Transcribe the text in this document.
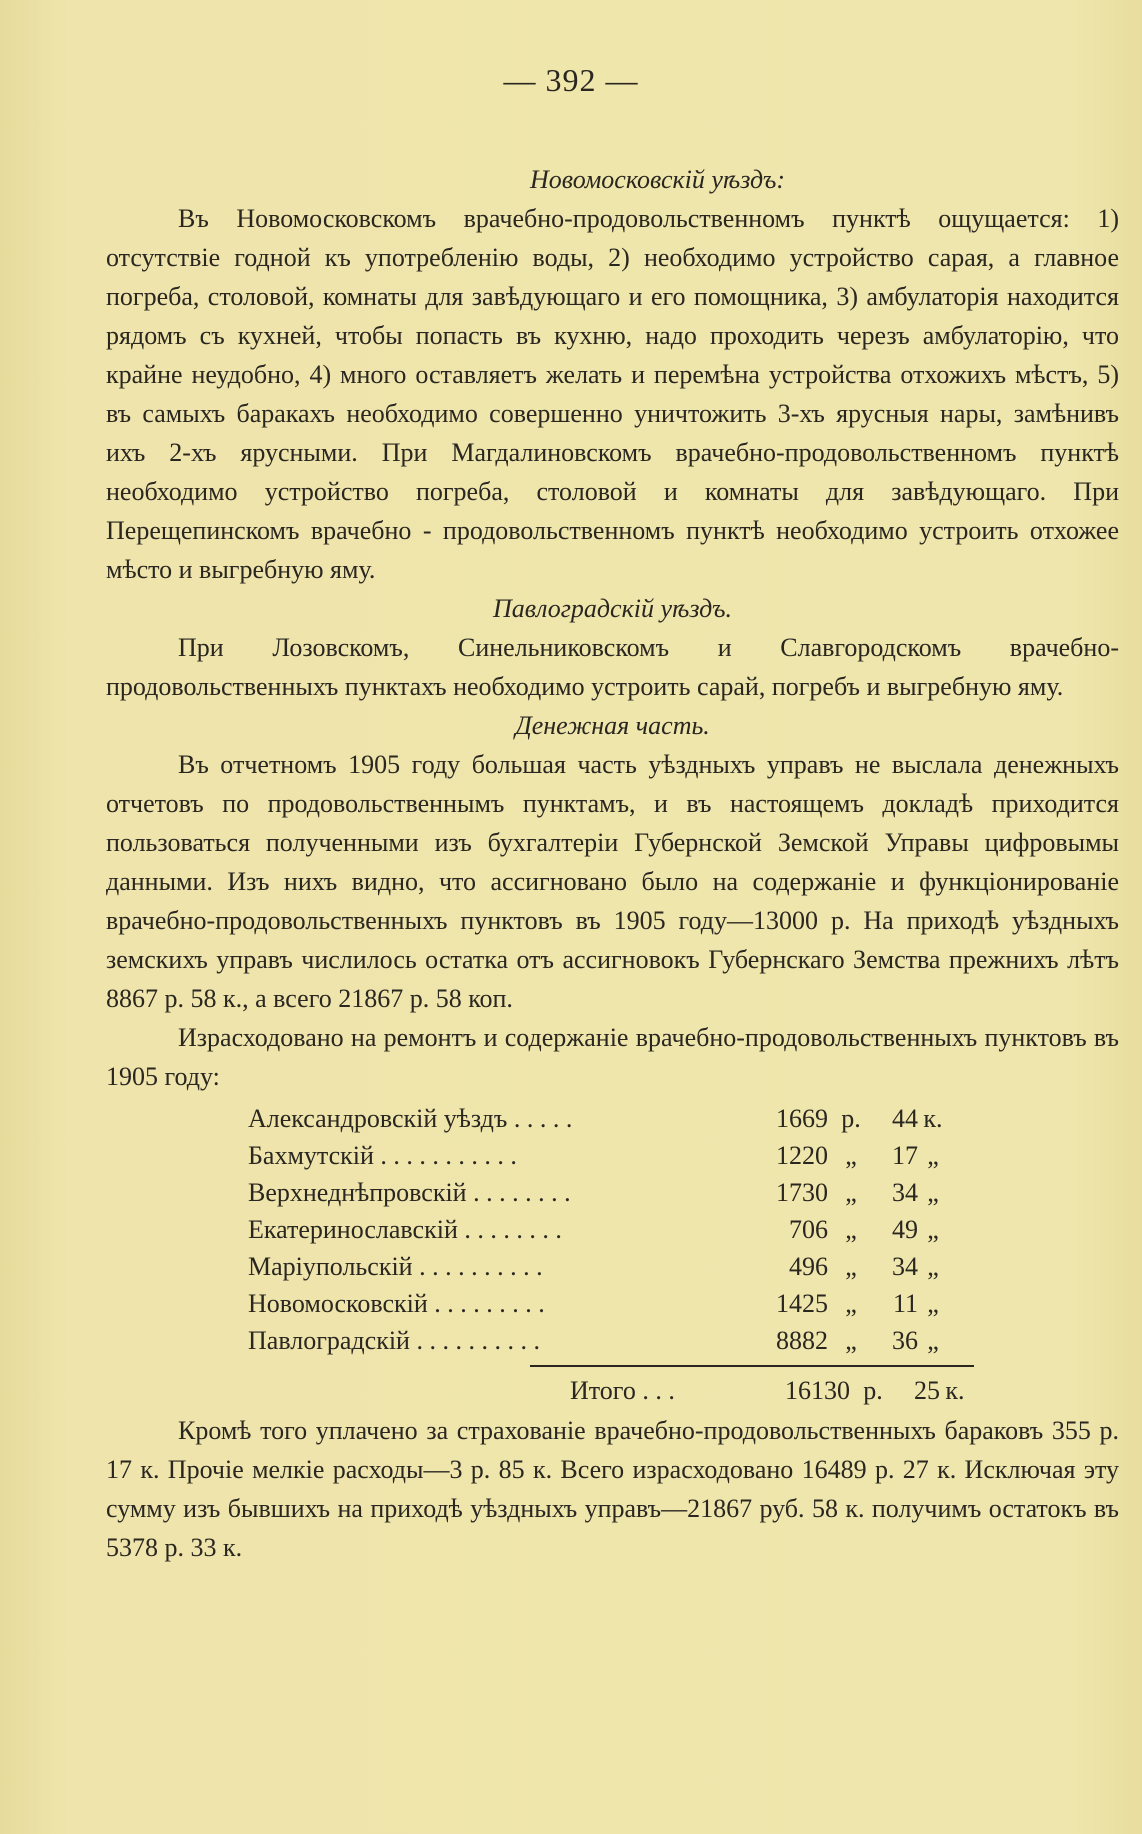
— 392 —

Новомосковскій уѣздъ:

Въ Новомосковскомъ врачебно-продовольственномъ пунктѣ ощущается: 1) отсутствіе годной къ употребленію воды, 2) необходимо устройство сарая, а главное погреба, столовой, комнаты для завѣдующаго и его помощника, 3) амбулаторія находится рядомъ съ кухней, чтобы попасть въ кухню, надо проходить черезъ амбулаторію, что крайне неудобно, 4) много оставляетъ желать и перемѣна устройства отхожихъ мѣстъ, 5) въ самыхъ баракахъ необходимо совершенно уничтожить 3-хъ ярусныя нары, замѣнивъ ихъ 2-хъ ярусными. При Магдалиновскомъ врачебно-продовольственномъ пунктѣ необходимо устройство погреба, столовой и комнаты для завѣдующаго. При Перещепинскомъ врачебно - продовольственномъ пунктѣ необходимо устроить отхожее мѣсто и выгребную яму.

Павлоградскій уѣздъ.

При Лозовскомъ, Синельниковскомъ и Славгородскомъ врачебно-продовольственныхъ пунктахъ необходимо устроить сарай, погребъ и выгребную яму.

Денежная часть.

Въ отчетномъ 1905 году большая часть уѣздныхъ управъ не выслала денежныхъ отчетовъ по продовольственнымъ пунктамъ, и въ настоящемъ докладѣ приходится пользоваться полученными изъ бухгалтеріи Губернской Земской Управы цифровымы данными. Изъ нихъ видно, что ассигновано было на содержаніе и функціонированіе врачебно-продовольственныхъ пунктовъ въ 1905 году—13000 р. На приходѣ уѣздныхъ земскихъ управъ числилось остатка отъ ассигновокъ Губернскаго Земства прежнихъ лѣтъ 8867 р. 58 к., а всего 21867 р. 58 коп.

Израсходовано на ремонтъ и содержаніе врачебно-продовольственныхъ пунктовъ въ 1905 году:

Александровскій уѣздъ . . . . .	1669 р.	44 к.
Бахмутскій . . . . . . . . . . .	1220 „	17 „
Верхнеднѣпровскій . . . . . . . .	1730 „	34 „
Екатеринославскій . . . . . . . .	706 „	49 „
Маріупольскій . . . . . . . . . .	496 „	34 „
Новомосковскій . . . . . . . . .	1425 „	11 „
Павлоградскій . . . . . . . . . .	8882 „	36 „
Итого . . .	16130 р.	25 к.

Кромѣ того уплачено за страхованіе врачебно-продовольственныхъ бараковъ 355 р. 17 к. Прочіе мелкіе расходы—3 р. 85 к. Всего израсходовано 16489 р. 27 к. Исключая эту сумму изъ бывшихъ на приходѣ уѣздныхъ управъ—21867 руб. 58 к. получимъ остатокъ въ 5378 р. 33 к.
